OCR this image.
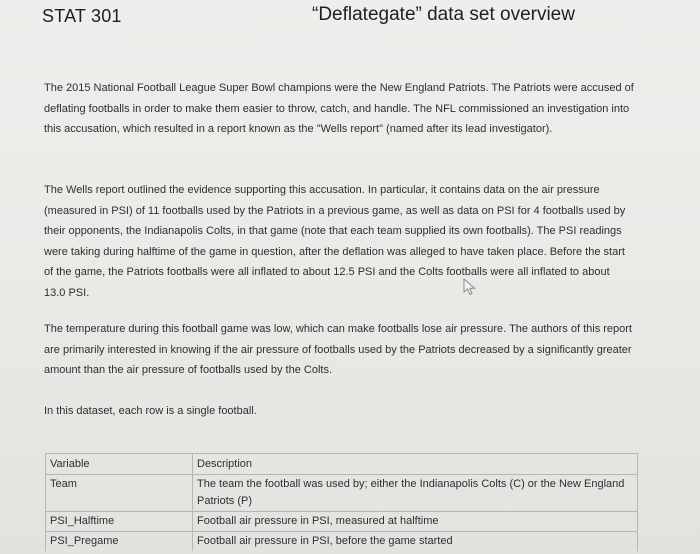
STAT 301	“Deflategate” data set overview

The 2015 National Football League Super Bowl champions were the New England Patriots. The Patriots were accused of deflating footballs in order to make them easier to throw, catch, and handle. The NFL commissioned an investigation into this accusation, which resulted in a report known as the "Wells report" (named after its lead investigator).

The Wells report outlined the evidence supporting this accusation. In particular, it contains data on the air pressure (measured in PSI) of 11 footballs used by the Patriots in a previous game, as well as data on PSI for 4 footballs used by their opponents, the Indianapolis Colts, in that game (note that each team supplied its own footballs). The PSI readings were taking during halftime of the game in question, after the deflation was alleged to have taken place. Before the start of the game, the Patriots footballs were all inflated to about 12.5 PSI and the Colts footballs were all inflated to about 13.0 PSI.

The temperature during this football game was low, which can make footballs lose air pressure. The authors of this report are primarily interested in knowing if the air pressure of footballs used by the Patriots decreased by a significantly greater amount than the air pressure of footballs used by the Colts.

In this dataset, each row is a single football.

Variable	Description
Team	The team the football was used by; either the Indianapolis Colts (C) or the New England Patriots (P)
PSI_Halftime	Football air pressure in PSI, measured at halftime
PSI_Pregame	Football air pressure in PSI, before the game started
